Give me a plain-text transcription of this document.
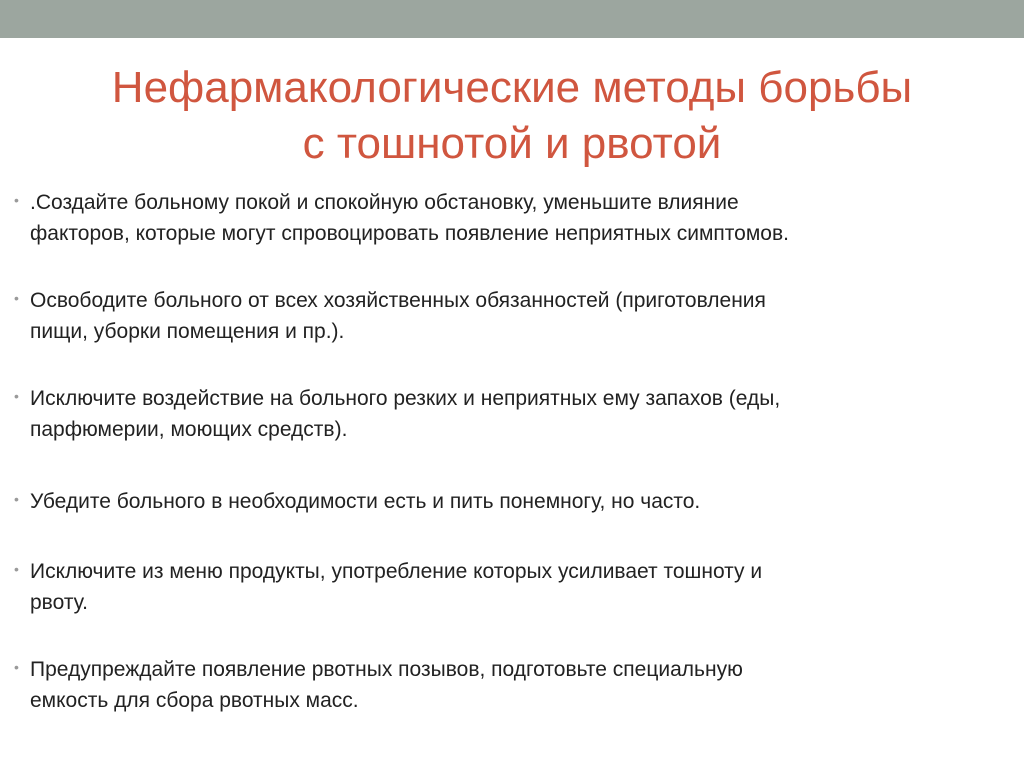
Нефармакологические методы борьбы
с тошнотой и рвотой
• .Создайте больному покой и спокойную обстановку, уменьшите влияние
факторов, которые могут спровоцировать появление неприятных симптомов.
• Освободите больного от всех хозяйственных обязанностей (приготовления
пищи, уборки помещения и пр.).
• Исключите воздействие на больного резких и неприятных ему запахов (еды,
парфюмерии, моющих средств).
• Убедите больного в необходимости есть и пить понемногу, но часто.
• Исключите из меню продукты, употребление которых усиливает тошноту и
рвоту.
• Предупреждайте появление рвотных позывов, подготовьте специальную
емкость для сбора рвотных масс.
